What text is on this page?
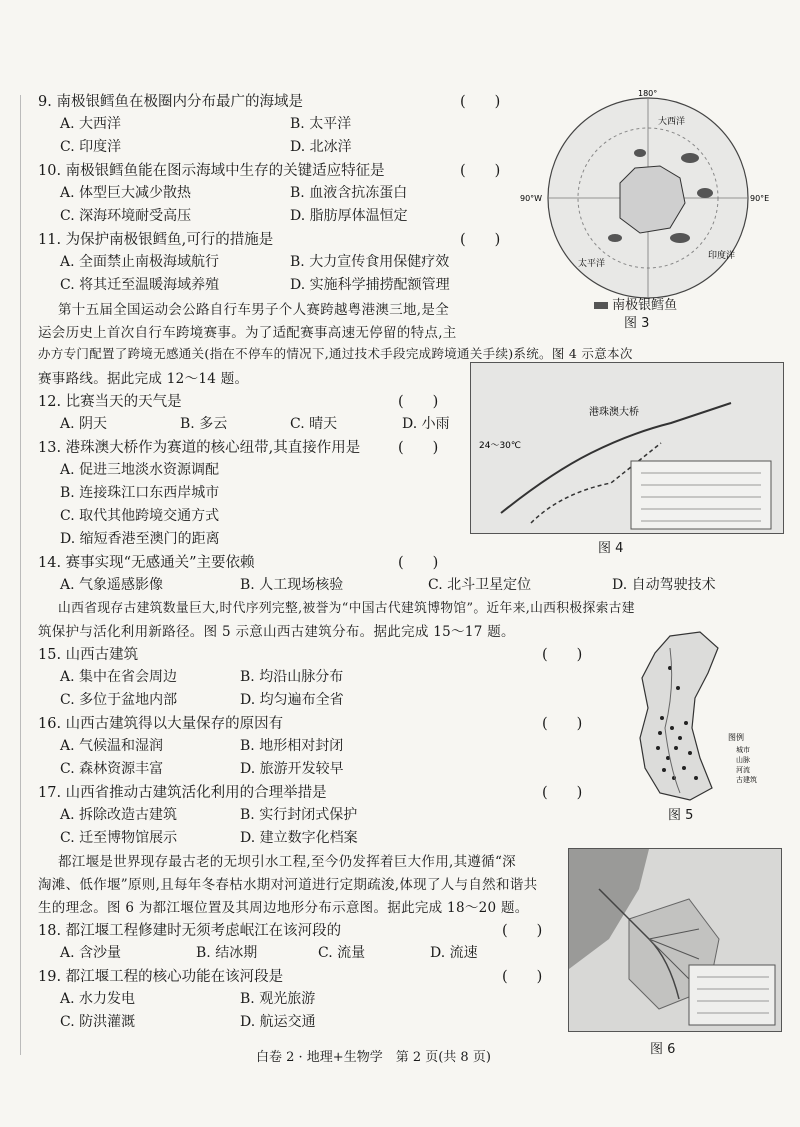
大西洋
太平洋
印度洋
90°E
90°W
180°
南极银鳕鱼
图 3
9. 南极银鳕鱼在极圈内分布最广的海域是	(　　)
A. 大西洋	B. 太平洋
C. 印度洋	D. 北冰洋
10. 南极银鳕鱼能在图示海域中生存的关键适应特征是	(　　)
A. 体型巨大减少散热	B. 血液含抗冻蛋白
C. 深海环境耐受高压	D. 脂肪厚体温恒定
11. 为保护南极银鳕鱼,可行的措施是	(　　)
A. 全面禁止南极海域航行	B. 大力宣传食用保健疗效
C. 将其迁至温暖海域养殖	D. 实施科学捕捞配额管理
第十五届全国运动会公路自行车男子个人赛跨越粤港澳三地,是全
运会历史上首次自行车跨境赛事。为了适配赛事高速无停留的特点,主
办方专门配置了跨境无感通关(指在不停车的情况下,通过技术手段完成跨境通关手续)系统。图 4 示意本次
赛事路线。据此完成 12～14 题。
港珠澳大桥
24～30℃
图 4
12. 比赛当天的天气是	(　　)
A. 阴天	B. 多云	C. 晴天	D. 小雨
13. 港珠澳大桥作为赛道的核心纽带,其直接作用是	(　　)
A. 促进三地淡水资源调配
B. 连接珠江口东西岸城市
C. 取代其他跨境交通方式
D. 缩短香港至澳门的距离
14. 赛事实现“无感通关”主要依赖	(　　)
A. 气象遥感影像	B. 人工现场核验	C. 北斗卫星定位	D. 自动驾驶技术
山西省现存古建筑数量巨大,时代序列完整,被誉为“中国古代建筑博物馆”。近年来,山西积极探索古建
筑保护与活化利用新路径。图 5 示意山西古建筑分布。据此完成 15～17 题。
图例
城市
山脉
河流
古建筑
图 5
15. 山西古建筑	(　　)
A. 集中在省会周边	B. 均沿山脉分布
C. 多位于盆地内部	D. 均匀遍布全省
16. 山西古建筑得以大量保存的原因有	(　　)
A. 气候温和湿润	B. 地形相对封闭
C. 森林资源丰富	D. 旅游开发较早
17. 山西省推动古建筑活化利用的合理举措是	(　　)
A. 拆除改造古建筑	B. 实行封闭式保护
C. 迁至博物馆展示	D. 建立数字化档案
都江堰是世界现存最古老的无坝引水工程,至今仍发挥着巨大作用,其遵循“深
淘滩、低作堰”原则,且每年冬春枯水期对河道进行定期疏浚,体现了人与自然和谐共
生的理念。图 6 为都江堰位置及其周边地形分布示意图。据此完成 18～20 题。
图 6
18. 都江堰工程修建时无须考虑岷江在该河段的	(　　)
A. 含沙量	B. 结冰期	C. 流量	D. 流速
19. 都江堰工程的核心功能在该河段是	(　　)
A. 水力发电	B. 观光旅游
C. 防洪灌溉	D. 航运交通
白卷 2 · 地理+生物学　第 2 页(共 8 页)
